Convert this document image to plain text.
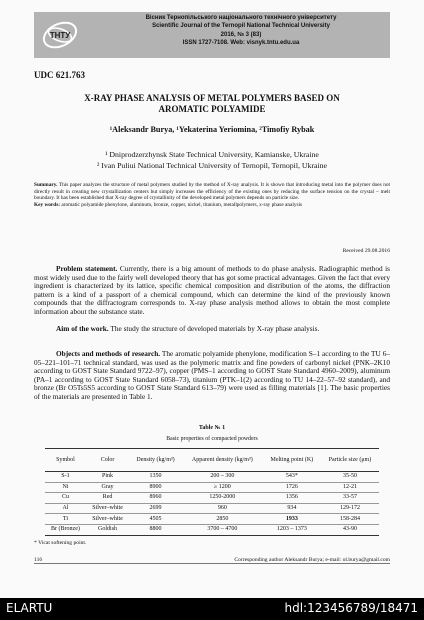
ТНТУ
Вісник Тернопільського національного технічного університету
Scientific Journal of the Ternopil National Technical University
2016, № 3 (83)
ISSN 1727-7108. Web: visnyk.tntu.edu.ua
UDC 621.763
X-RAY PHASE ANALYSIS OF METAL POLYMERS BASED ON
AROMATIC POLYAMIDE
¹Aleksandr Burya, ¹Yekaterina Yeriomina, ²Timofiy Rybak
¹ Dniprodzerzhynsk State Technical University, Kamianske, Ukraine
² Ivan Puliui National Technical University of Ternopil, Ternopil, Ukraine
Summary. This paper analyzes the structure of metal polymers studied by the method of X-ray analysis. It is shown that introducing metal into the polymer does not directly result in creating new crystallization centers but simply increases the efficiency of the existing ones by reducing the surface tension on the crystal – melt boundary. It has been established that X-ray degree of crystallinity of the developed metal polymers depends on particle size.
Key words: aromatic polyamide phenylone, aluminum, bronze, copper, nickel, titanium, metallpolymers, x-ray phase analysis
Received 29.08.2016
Problem statement. Currently, there is a big amount of methods to do phase analysis. Radiographic method is most widely used due to the fairly well developed theory that has got some practical advantages. Given the fact that every ingredient is characterized by its lattice, specific chemical composition and distribution of the atoms, the diffraction pattern is a kind of a passport of a chemical compound, which can determine the kind of the previously known compounds that the diffractogram corresponds to. X-ray phase analysis method allows to obtain the most complete information about the substance state.
Aim of the work. The study the structure of developed materials by X-ray phase analysis.
Objects and methods of research. The aromatic polyamide phenylone, modification S–1 according to the TU 6–05–221–101–71 technical standard, was used as the polymeric matrix and fine powders of carbonyl nickel (PNK–2K10 according to GOST State Standard 9722–97), copper (PMS–1 according to GOST State Standard 4960–2009), aluminum (PA–1 according to GOST State Standard 6058–73), titanium (PTK–1(2) according to TU 14–22–57–92 standard), and bronze (Br O5Ts5S5 according to GOST State Standard 613–79) were used as filling materials [1]. The basic properties of the materials are presented in Table 1.
Table № 1
Basic properties of compacted powders
Symbol	Color	Density (kg/m³)	Apparent density (kg/m³)	Melting point (K)	Particle size (μm)
S-1	Pink	1350	200 – 300	543*	35-50
Ni	Gray	8900	≥ 1200	1726	12-21
Cu	Red	8960	1250-2000	1356	33-57
Al	Silver–white	2699	960	934	129-172
Ti	Silver–white	4505	2850	1933	158-284
Br (Bronze)	Goldish	8800	3700 – 4700	1203 – 1373	43-90
* Vicat softening point.
116	Corresponding author Aleksandr Burya; e-mail: ol.burya@gmail.com
ELARTU	hdl:123456789/18471
